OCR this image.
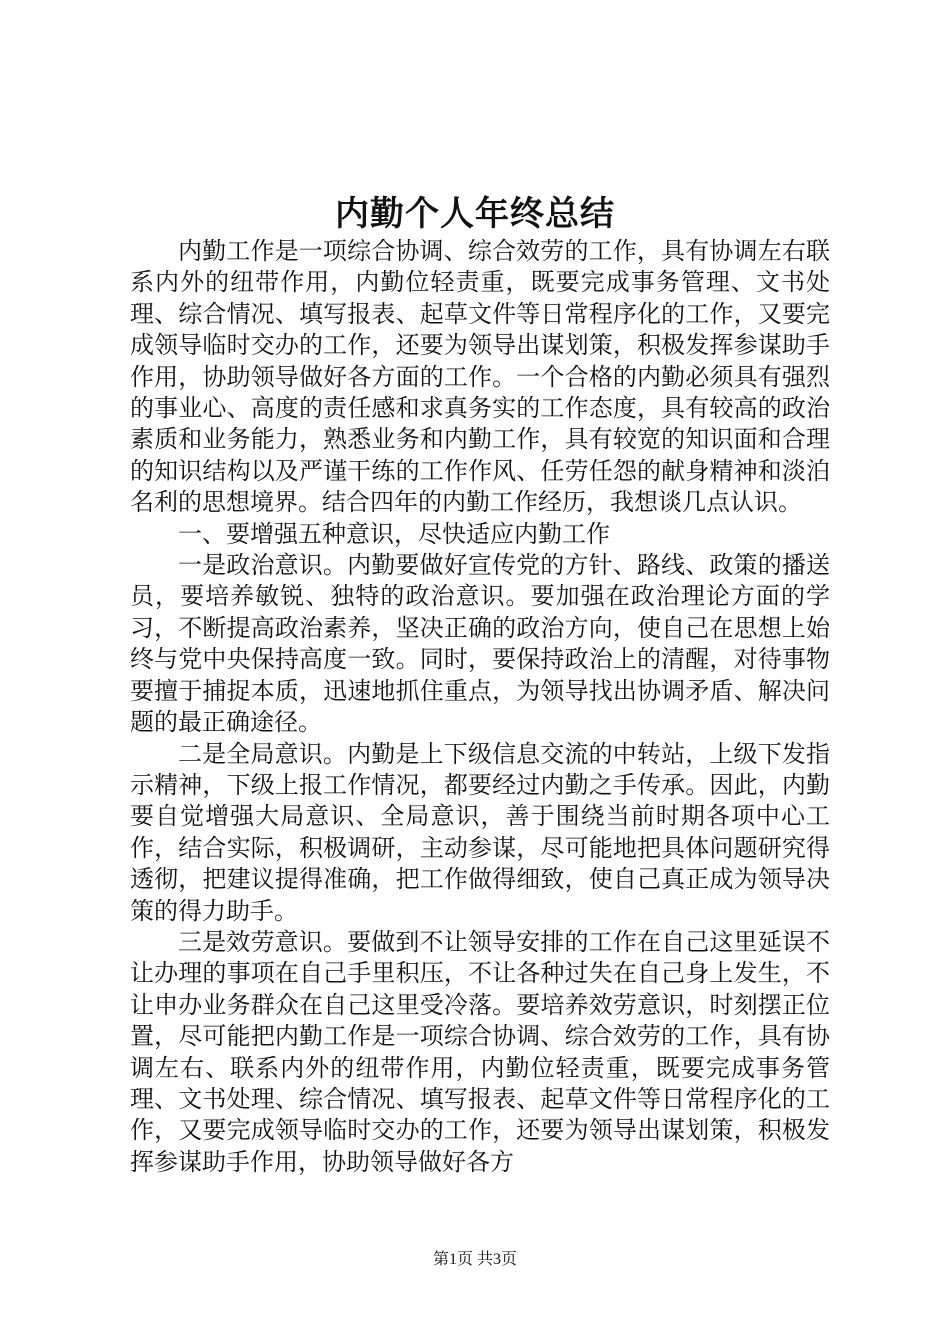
内勤个人年终总结

内勤工作是一项综合协调、综合效劳的工作，具有协调左右联系内外的纽带作用，内勤位轻责重，既要完成事务管理、文书处理、综合情况、填写报表、起草文件等日常程序化的工作，又要完成领导临时交办的工作，还要为领导出谋划策，积极发挥参谋助手作用，协助领导做好各方面的工作。一个合格的内勤必须具有强烈的事业心、高度的责任感和求真务实的工作态度，具有较高的政治素质和业务能力，熟悉业务和内勤工作，具有较宽的知识面和合理的知识结构以及严谨干练的工作作风、任劳任怨的献身精神和淡泊名利的思想境界。结合四年的内勤工作经历，我想谈几点认识。

一、要增强五种意识，尽快适应内勤工作

一是政治意识。内勤要做好宣传党的方针、路线、政策的播送员，要培养敏锐、独特的政治意识。要加强在政治理论方面的学习，不断提高政治素养，坚决正确的政治方向，使自己在思想上始终与党中央保持高度一致。同时，要保持政治上的清醒，对待事物要擅于捕捉本质，迅速地抓住重点，为领导找出协调矛盾、解决问题的最正确途径。

二是全局意识。内勤是上下级信息交流的中转站，上级下发指示精神，下级上报工作情况，都要经过内勤之手传承。因此，内勤要自觉增强大局意识、全局意识，善于围绕当前时期各项中心工作，结合实际，积极调研，主动参谋，尽可能地把具体问题研究得透彻，把建议提得准确，把工作做得细致，使自己真正成为领导决策的得力助手。

三是效劳意识。要做到不让领导安排的工作在自己这里延误不让办理的事项在自己手里积压，不让各种过失在自己身上发生，不让申办业务群众在自己这里受冷落。要培养效劳意识，时刻摆正位置，尽可能把内勤工作是一项综合协调、综合效劳的工作，具有协调左右、联系内外的纽带作用，内勤位轻责重，既要完成事务管理、文书处理、综合情况、填写报表、起草文件等日常程序化的工作，又要完成领导临时交办的工作，还要为领导出谋划策，积极发挥参谋助手作用，协助领导做好各方

第1页 共3页
